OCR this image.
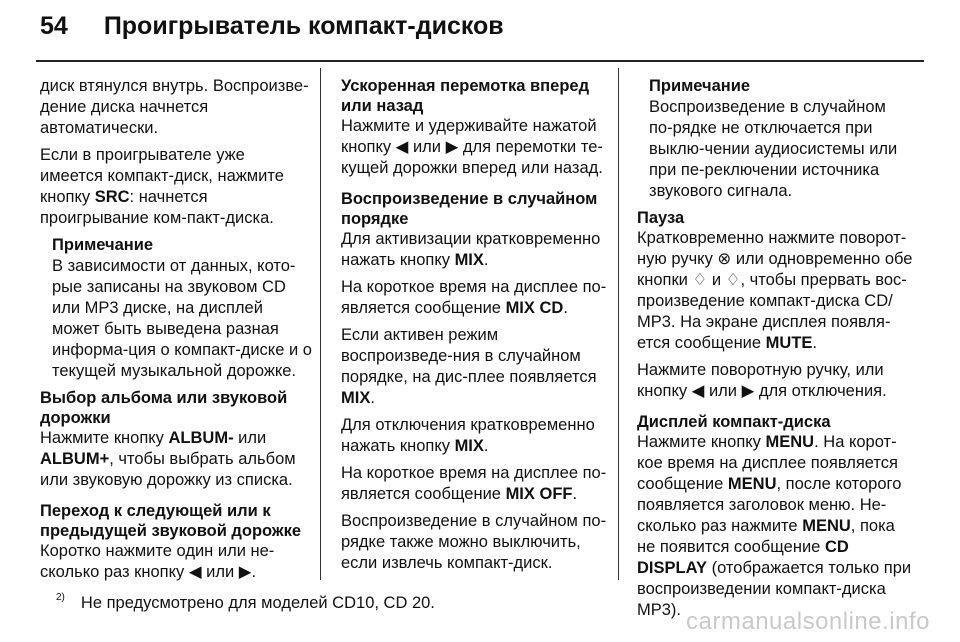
54 Проигрыватель компакт-дисков

диск втянулся внутрь. Воспроизве-дение диска начнется автоматически.

Если в проигрывателе уже имеется компакт-диск, нажмите кнопку SRC: начнется проигрывание ком-пакт-диска.

Примечание
В зависимости от данных, кото-рые записаны на звуковом CD или MP3 диске, на дисплей может быть выведена разная информа-ция о компакт-диске и о текущей музыкальной дорожке.
Выбор альбома или звуковой дорожки

Нажмите кнопку ALBUM- или ALBUM+, чтобы выбрать альбом или звуковую дорожку из списка.

Переход к следующей или к предыдущей звуковой дорожке

Коротко нажмите один или не-сколько раз кнопку ◀ или ▶.

Ускоренная перемотка вперед или назад

Нажмите и удерживайте нажатой кнопку ◀ или ▶ для перемотки те-кущей дорожки вперед или назад.

Воспроизведение в случайном порядке

Для активизации кратковременно нажать кнопку MIX.

На короткое время на дисплее по-является сообщение MIX CD.

Если активен режим воспроизведе-ния в случайном порядке, на дис-плее появляется MIX.

Для отключения кратковременно нажать кнопку MIX.

На короткое время на дисплее по-является сообщение MIX OFF.

Воспроизведение в случайном по-рядке также можно выключить, если извлечь компакт-диск.

Примечание
Воспроизведение в случайном по-рядке не отключается при выклю-чении аудиосистемы или при пе-реключении источника звукового сигнала.
Пауза

Кратковременно нажмите поворот-ную ручку ⊗ или одновременно обе кнопки ♢ и ♢, чтобы прервать вос-произведение компакт-диска CD/ MP3. На экране дисплея появля-ется сообщение MUTE.

Нажмите поворотную ручку, или кнопку ◀ или ▶ для отключения.

Дисплей компакт-диска

Нажмите кнопку MENU. На корот-кое время на дисплее появляется сообщение MENU, после которого появляется заголовок меню. Не-сколько раз нажмите MENU, пока не появится сообщение CD DISPLAY (отображается только при воспроизведении компакт-диска MP3).

$^{2)}$ Не предусмотрено для моделей CD10, CD 20.
carmanualsonline.info
